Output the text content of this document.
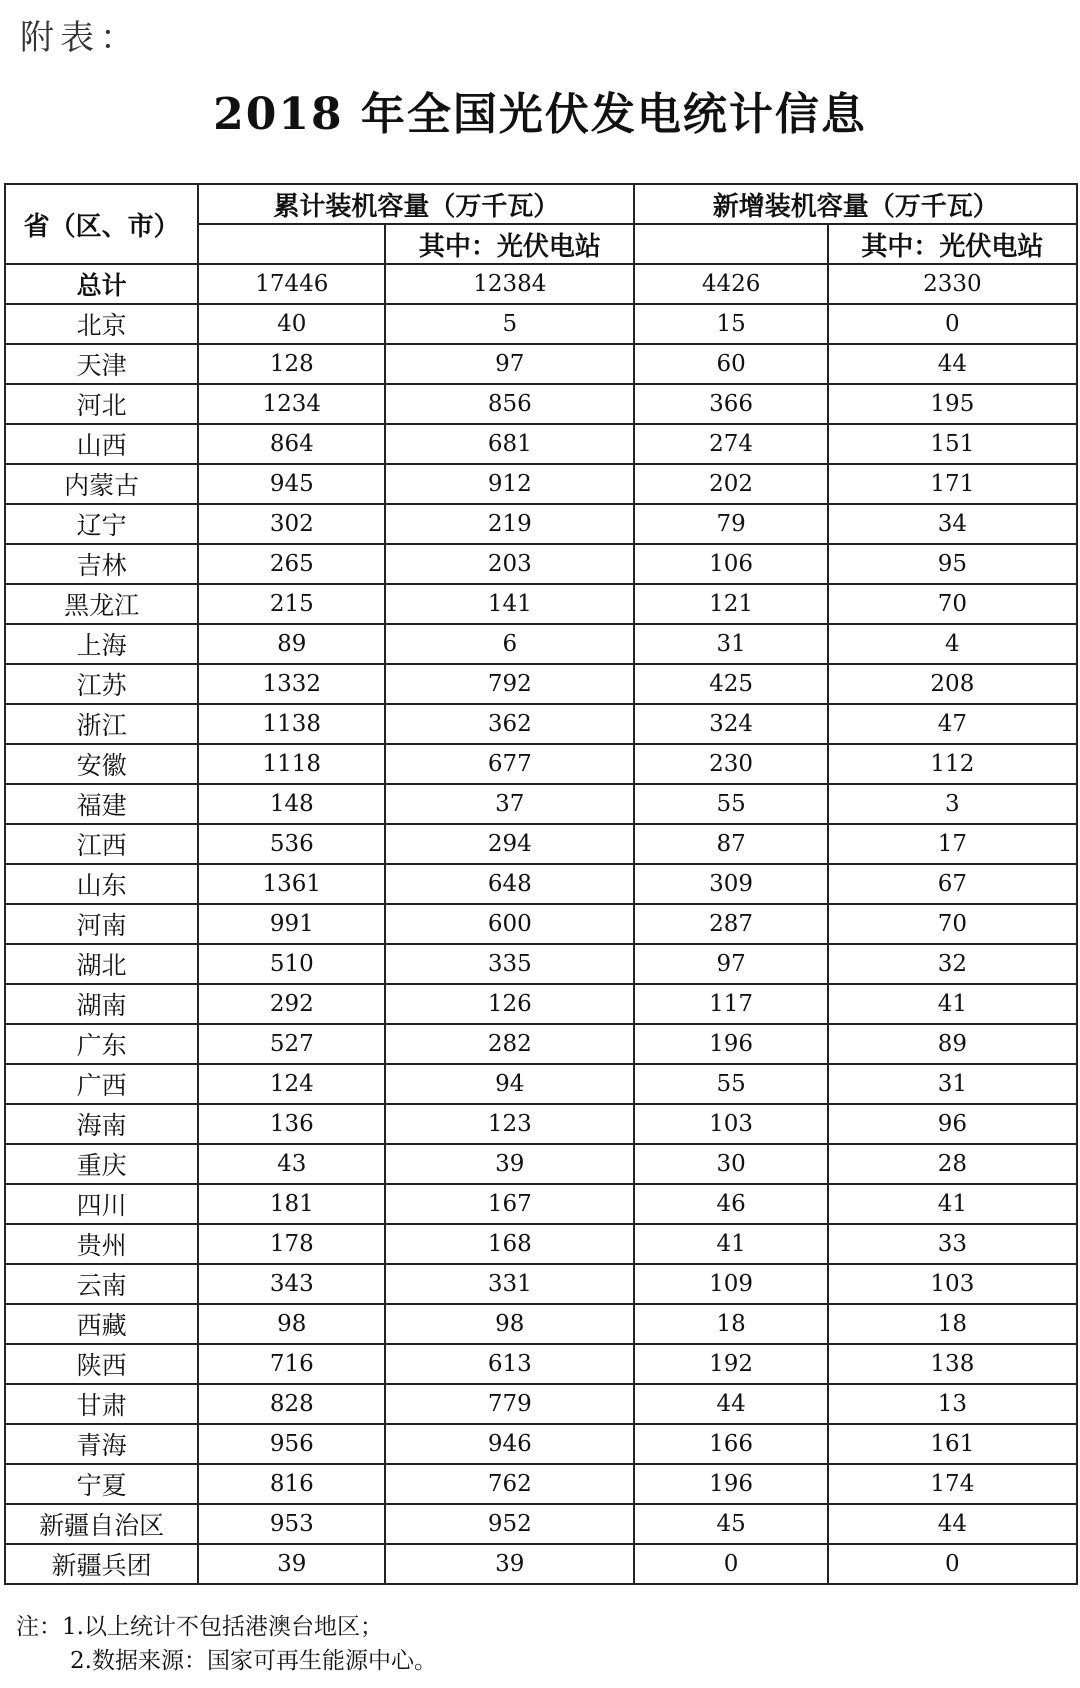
附表：
2018 年全国光伏发电统计信息
省（区、市）	累计装机容量（万千瓦）		新增装机容量（万千瓦）	
		其中：光伏电站		其中：光伏电站
总计	17446	12384	4426	2330
北京	40	5	15	0
天津	128	97	60	44
河北	1234	856	366	195
山西	864	681	274	151
内蒙古	945	912	202	171
辽宁	302	219	79	34
吉林	265	203	106	95
黑龙江	215	141	121	70
上海	89	6	31	4
江苏	1332	792	425	208
浙江	1138	362	324	47
安徽	1118	677	230	112
福建	148	37	55	3
江西	536	294	87	17
山东	1361	648	309	67
河南	991	600	287	70
湖北	510	335	97	32
湖南	292	126	117	41
广东	527	282	196	89
广西	124	94	55	31
海南	136	123	103	96
重庆	43	39	30	28
四川	181	167	46	41
贵州	178	168	41	33
云南	343	331	109	103
西藏	98	98	18	18
陕西	716	613	192	138
甘肃	828	779	44	13
青海	956	946	166	161
宁夏	816	762	196	174
新疆自治区	953	952	45	44
新疆兵团	39	39	0	0
注：1.以上统计不包括港澳台地区；
2.数据来源：国家可再生能源中心。
